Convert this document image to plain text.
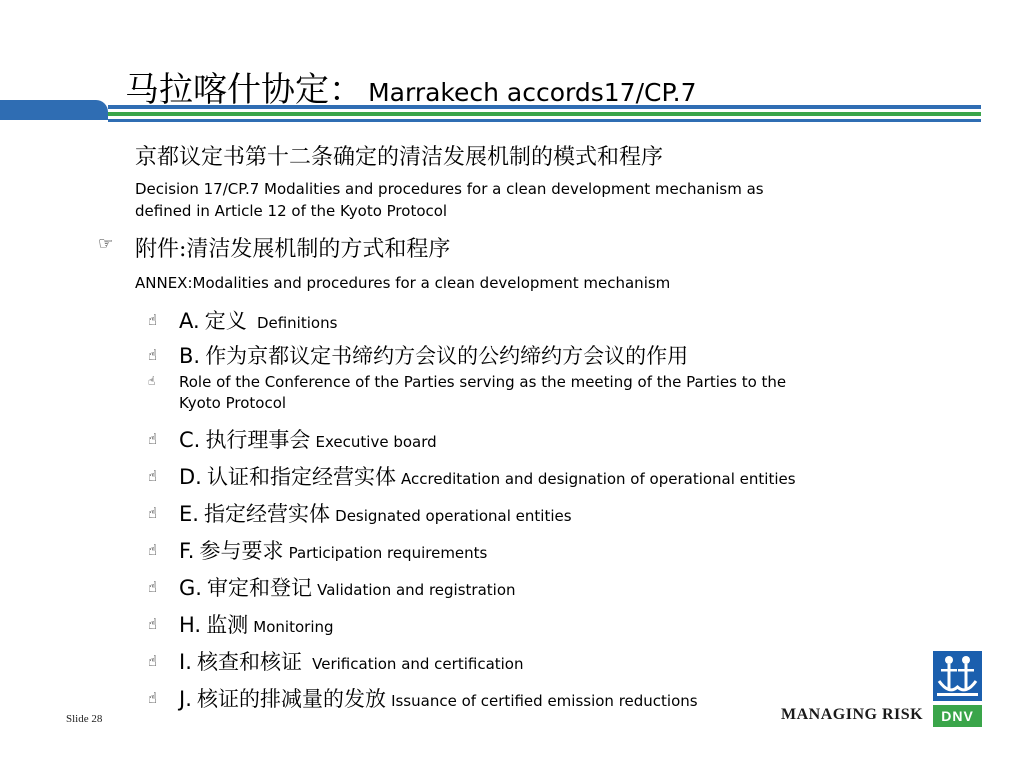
马拉喀什协定： Marrakech accords17/CP.7
京都议定书第十二条确定的清洁发展机制的模式和程序
Decision 17/CP.7 Modalities and procedures for a clean development mechanism as
defined in Article 12 of the Kyoto Protocol
☞ 附件:清洁发展机制的方式和程序
ANNEX:Modalities and procedures for a clean development mechanism
☝ A. 定义 Definitions
☝ B. 作为京都议定书缔约方会议的公约缔约方会议的作用
☝ Role of the Conference of the Parties serving as the meeting of the Parties to the
Kyoto Protocol
☝ C. 执行理事会 Executive board
☝ D. 认证和指定经营实体 Accreditation and designation of operational entities
☝ E. 指定经营实体 Designated operational entities
☝ F. 参与要求 Participation requirements
☝ G. 审定和登记 Validation and registration
☝ H. 监测 Monitoring
☝ I. 核查和核证 Verification and certification
☝ J. 核证的排减量的发放 Issuance of certified emission reductions
Slide 28	MANAGING RISK	DNV
